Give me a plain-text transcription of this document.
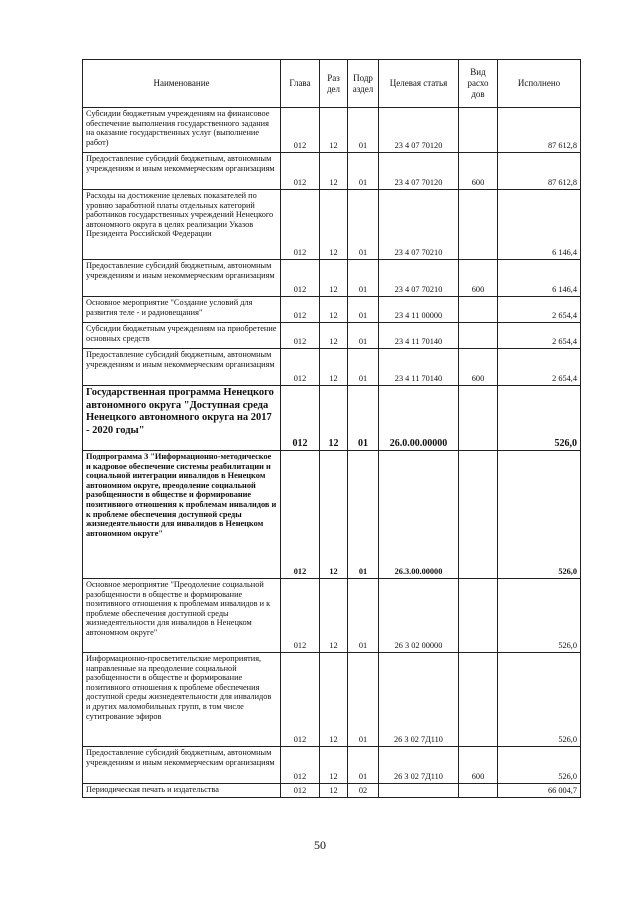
Наименование	Глава	Раз дел	Подр аздел	Целевая статья	Вид расхо дов	Исполнено
Субсидии бюджетным учреждениям на финансовое обеспечение выполнения государственного задания на оказание государственных услуг (выполнение работ)	012	12	01	23 4 07 70120		87 612,8
Предоставление субсидий бюджетным, автономным учреждениям и иным некоммерческим организациям	012	12	01	23 4 07 70120	600	87 612,8
Расходы на достижение целевых показателей по уровню заработной платы отдельных категорий работников государственных учреждений Ненецкого автономного округа в целях реализации Указов Президента Российской Федерации	012	12	01	23 4 07 70210		6 146,4
Предоставление субсидий бюджетным, автономным учреждениям и иным некоммерческим организациям	012	12	01	23 4 07 70210	600	6 146,4
Основное мероприятие "Создание условий для развития теле - и радиовещания"	012	12	01	23 4 11 00000		2 654,4
Субсидии бюджетным учреждениям на приобретение основных средств	012	12	01	23 4 11 70140		2 654,4
Предоставление субсидий бюджетным, автономным учреждениям и иным некоммерческим организациям	012	12	01	23 4 11 70140	600	2 654,4
Государственная программа Ненецкого автономного округа "Доступная среда Ненецкого автономного округа на 2017 - 2020 годы"	012	12	01	26.0.00.00000		526,0
Подпрограмма 3 "Информационно-методическое и кадровое обеспечение системы реабилитации и социальной интеграции инвалидов в Ненецком автономном округе, преодоление социальной разобщенности в обществе и формирование позитивного отношения к проблемам инвалидов и к проблеме обеспечения доступной среды жизнедеятельности для инвалидов в Ненецком автономном округе"	012	12	01	26.3.00.00000		526,0
Основное мероприятие "Преодоление социальной разобщенности в обществе и формирование позитивного отношения к проблемам инвалидов и к проблеме обеспечения доступной среды жизнедеятельности для инвалидов в Ненецком автономном округе"	012	12	01	26 3 02 00000		526,0
Информационно-просветительские мероприятия, направленные на преодоление социальной разобщенности в обществе и формирование позитивного отношения к проблеме обеспечения доступной среды жизнедеятельности для инвалидов и других маломобильных групп, в том числе сутитрование эфиров	012	12	01	26 3 02 7Д110		526,0
Предоставление субсидий бюджетным, автономным учреждениям и иным некоммерческим организациям	012	12	01	26 3 02 7Д110	600	526,0
Периодическая печать и издательства	012	12	02			66 004,7
50
